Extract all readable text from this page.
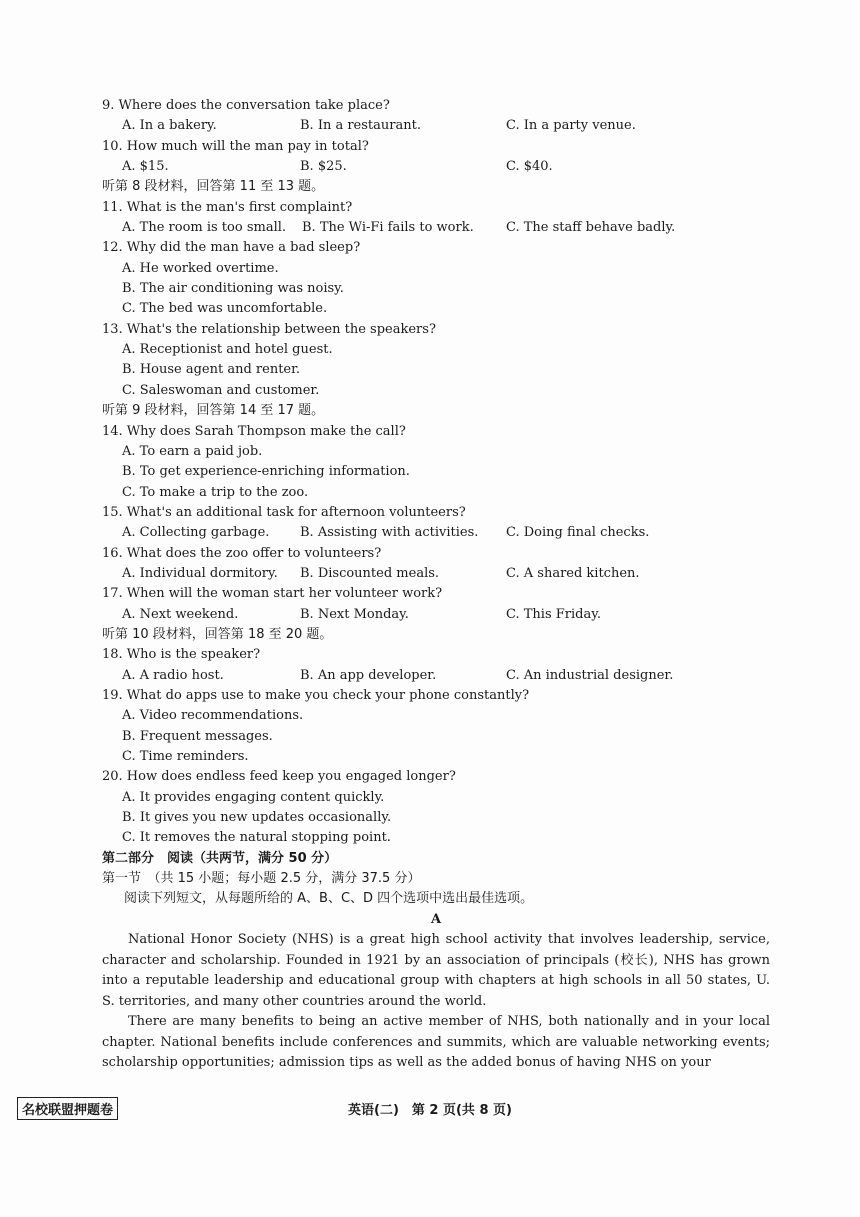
9. Where does the conversation take place?
A. In a bakery.	B. In a restaurant.	C. In a party venue.
10. How much will the man pay in total?
A. $15.	B. $25.	C. $40.
听第 8 段材料，回答第 11 至 13 题。
11. What is the man's first complaint?
A. The room is too small.	B. The Wi-Fi fails to work.	C. The staff behave badly.
12. Why did the man have a bad sleep?
A. He worked overtime.
B. The air conditioning was noisy.
C. The bed was uncomfortable.
13. What's the relationship between the speakers?
A. Receptionist and hotel guest.
B. House agent and renter.
C. Saleswoman and customer.
听第 9 段材料，回答第 14 至 17 题。
14. Why does Sarah Thompson make the call?
A. To earn a paid job.
B. To get experience-enriching information.
C. To make a trip to the zoo.
15. What's an additional task for afternoon volunteers?
A. Collecting garbage.	B. Assisting with activities.	C. Doing final checks.
16. What does the zoo offer to volunteers?
A. Individual dormitory.	B. Discounted meals.	C. A shared kitchen.
17. When will the woman start her volunteer work?
A. Next weekend.	B. Next Monday.	C. This Friday.
听第 10 段材料，回答第 18 至 20 题。
18. Who is the speaker?
A. A radio host.	B. An app developer.	C. An industrial designer.
19. What do apps use to make you check your phone constantly?
A. Video recommendations.
B. Frequent messages.
C. Time reminders.
20. How does endless feed keep you engaged longer?
A. It provides engaging content quickly.
B. It gives you new updates occasionally.
C. It removes the natural stopping point.
第二部分　阅读（共两节，满分 50 分）
第一节　（共 15 小题；每小题 2.5 分，满分 37.5 分）
阅读下列短文，从每题所给的 A、B、C、D 四个选项中选出最佳选项。
A
National Honor Society (NHS) is a great high school activity that involves leadership, service, character and scholarship. Founded in 1921 by an association of principals (校长), NHS has grown into a reputable leadership and educational group with chapters at high schools in all 50 states, U. S. territories, and many other countries around the world.
There are many benefits to being an active member of NHS, both nationally and in your local chapter. National benefits include conferences and summits, which are valuable networking events; scholarship opportunities; admission tips as well as the added bonus of having NHS on your
名校联盟押题卷	英语(二)　第 2 页(共 8 页)
